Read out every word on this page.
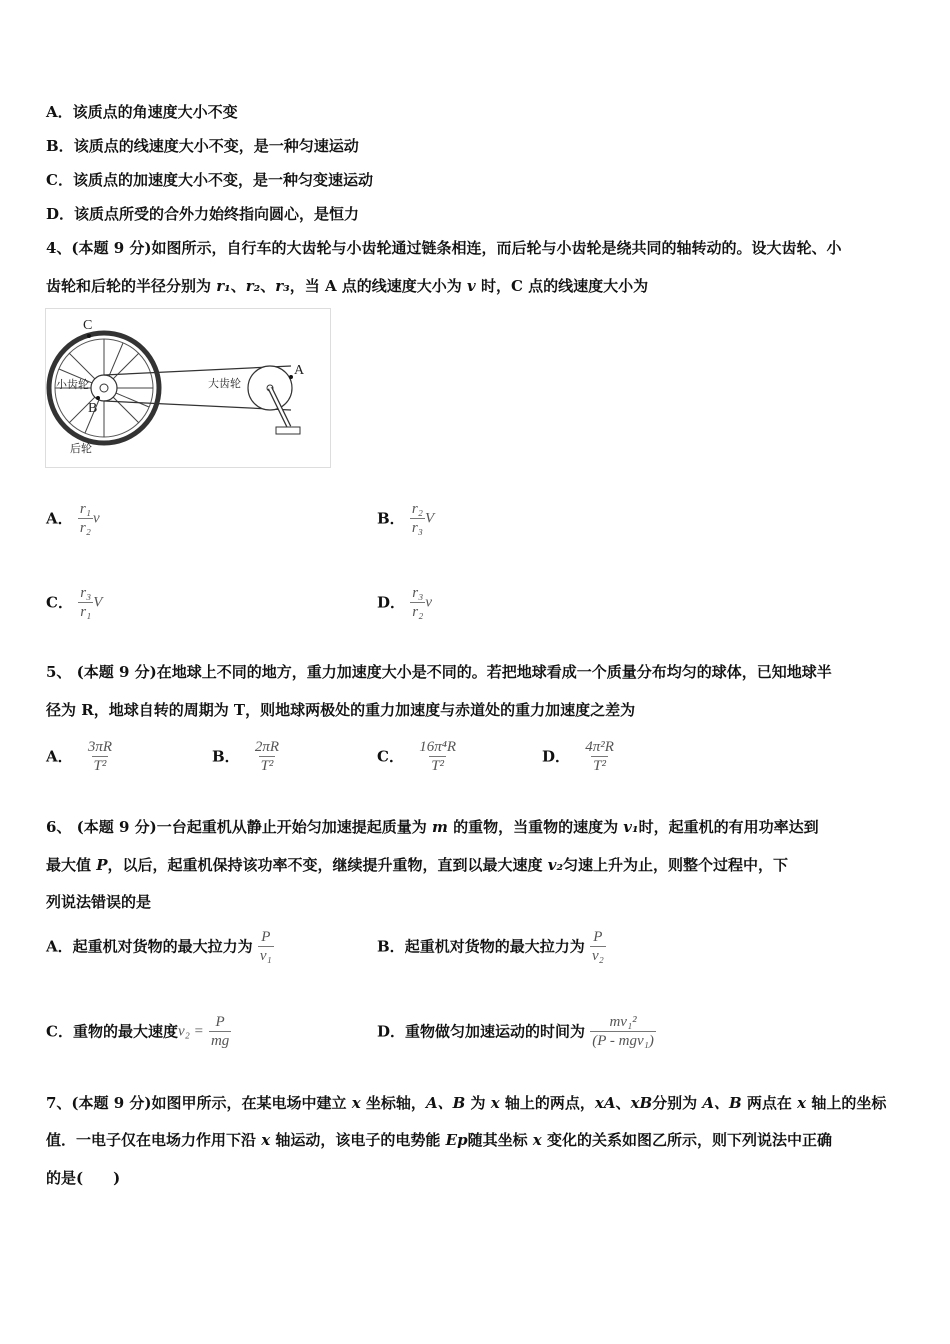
A．该质点的角速度大小不变
B．该质点的线速度大小不变，是一种匀速运动
C．该质点的加速度大小不变，是一种匀变速运动
D．该质点所受的合外力始终指向圆心，是恒力
4、(本题 9 分)如图所示，自行车的大齿轮与小齿轮通过链条相连，而后轮与小齿轮是绕共同的轴转动的。设大齿轮、小
齿轮和后轮的半径分别为 r₁、r₂、r₃，当 A 点的线速度大小为 v 时，C 点的线速度大小为
C
A
B
小齿轮	大齿轮
后轮
A． $\frac{\text{r₁}}{\text{r₂}}$ v	B． $\frac{\text{r₂}}{\text{r₃}}$ V
C． $\frac{\text{r₃}}{\text{r₁}}$ V	D． $\frac{\text{r₃}}{\text{r₂}}$ v
5、 (本题 9 分)在地球上不同的地方，重力加速度大小是不同的。若把地球看成一个质量分布均匀的球体，已知地球半
径为 R，地球自转的周期为 T，则地球两极处的重力加速度与赤道处的重力加速度之差为
A． $\frac{3\pi R}{\text{T²}}$	B． $\frac{2\pi R}{\text{T²}}$	C． $\frac{\text{16π⁴R}}{\text{T²}}$	D． $\frac{\text{4π²R}}{\text{T²}}$
6、 (本题 9 分)一台起重机从静止开始匀加速提起质量为 m 的重物，当重物的速度为 v₁时，起重机的有用功率达到
最大值 P，以后，起重机保持该功率不变，继续提升重物，直到以最大速度 v₂匀速上升为止，则整个过程中，下
列说法错误的是
A．起重机对货物的最大拉力为 $\frac{P}{\text{v₁}}$	B．起重机对货物的最大拉力为 $\frac{P}{\text{v₂}}$
C．重物的最大速度$v_2 = \frac{P}{mg}$	D．重物做匀加速运动的时间为 $\frac{\text{mv₁²}}{\text{(P - mgv₁)}}$
7、(本题 9 分)如图甲所示，在某电场中建立 x 坐标轴，A、B 为 x 轴上的两点，xA、xB分别为 A、B 两点在 x 轴上的坐标
值．一电子仅在电场力作用下沿 x 轴运动，该电子的电势能 Ep随其坐标 x 变化的关系如图乙所示，则下列说法中正确
的是(　　)
